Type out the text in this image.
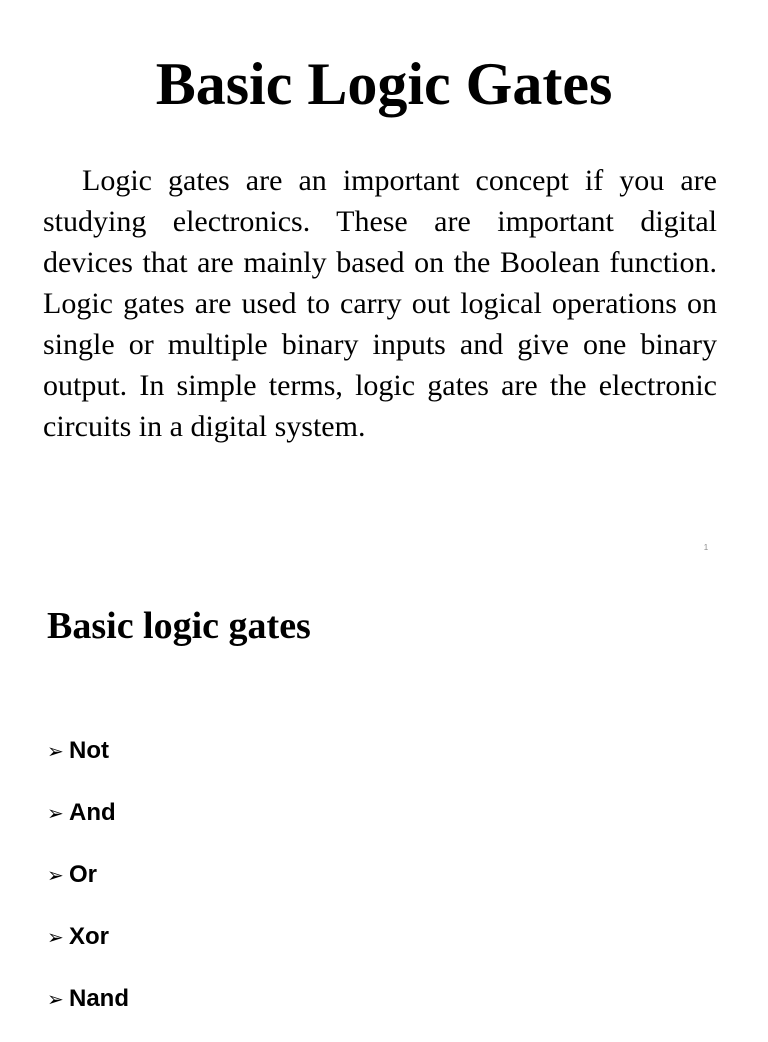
Basic Logic Gates

Logic gates are an important concept if you are studying electronics. These are important digital devices that are mainly based on the Boolean function. Logic gates are used to carry out logical operations on single or multiple binary inputs and give one binary output. In simple terms, logic gates are the electronic circuits in a digital system.

1
Basic logic gates
➢ Not
➢ And
➢ Or
➢ Xor
➢ Nand
